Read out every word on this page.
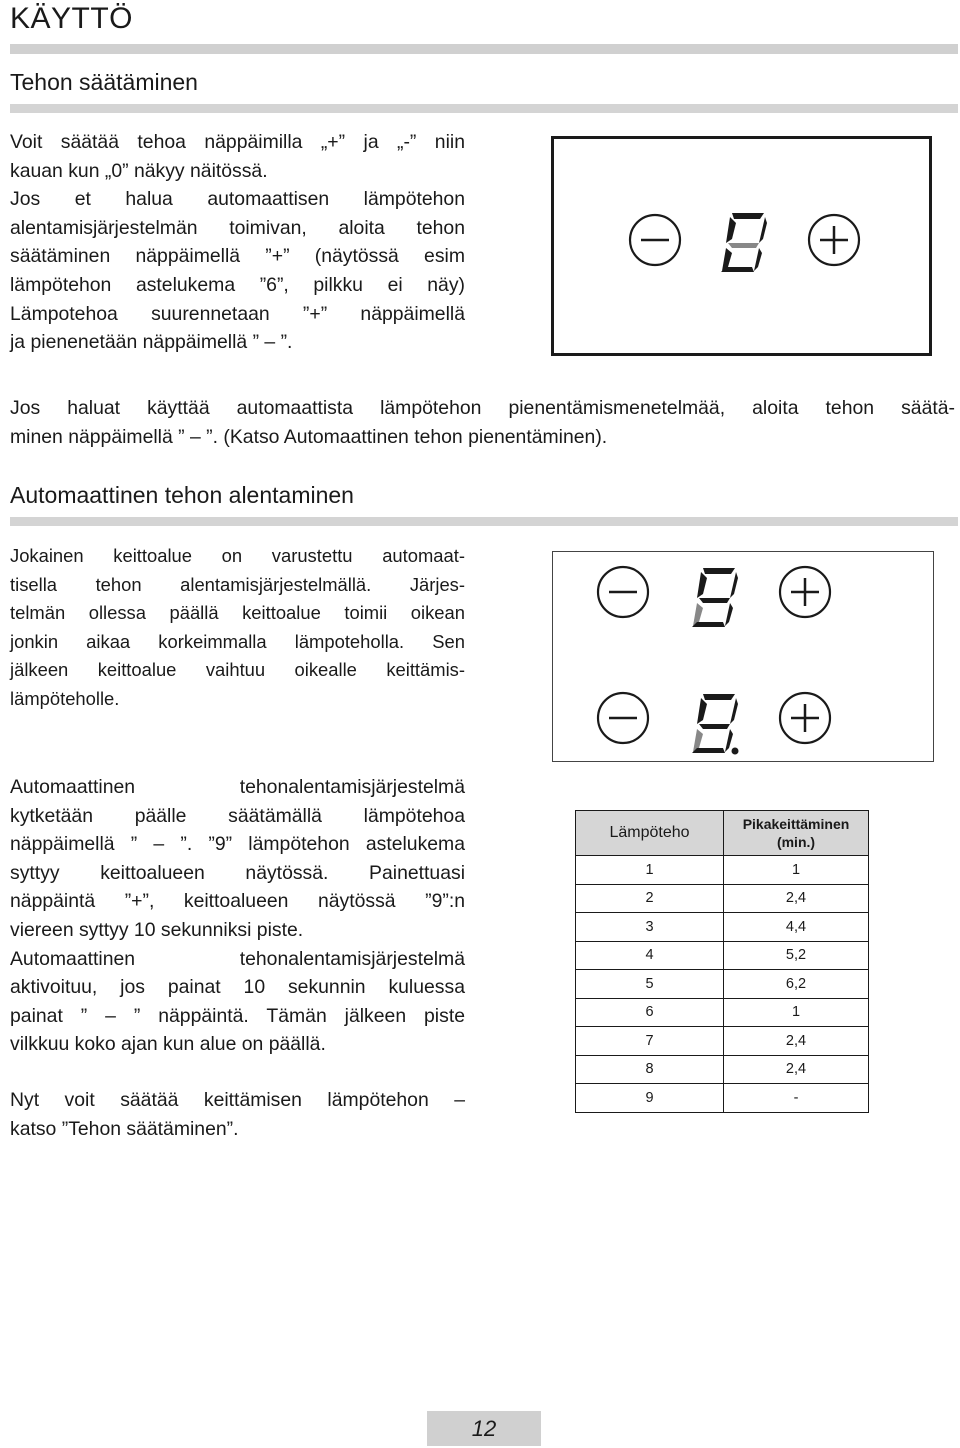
KÄYTTÖ
Tehon säätäminen
Voit säätää tehoa näppäimilla „+” ja „-” niin
kauan kun „0” näkyy näitössä.
Jos et halua automaattisen lämpötehon
alentamisjärjestelmän toimivan, aloita tehon
säätäminen näppäimellä ”+” (näytössä esim
lämpötehon astelukema ”6”, pilkku ei näy)
Lämpotehoa suurennetaan ”+” näppäimellä
ja pienenetään näppäimellä ” – ”.
Jos haluat käyttää automaattista lämpötehon pienentämismenetelmää, aloita tehon säätä-
minen näppäimellä ” – ”. (Katso Automaattinen tehon pienentäminen).
Automaattinen tehon alentaminen
Jokainen keittoalue on varustettu automaat-
tisella tehon alentamisjärjestelmällä. Järjes-
telmän ollessa päällä keittoalue toimii oikean
jonkin aikaa korkeimmalla lämpoteholla. Sen
jälkeen keittoalue vaihtuu oikealle keittämis-
lämpöteholle.
Automaattinen tehonalentamisjärjestelmä
kytketään päälle säätämällä lämpötehoa
näppäimellä ” – ”. ”9” lämpötehon astelukema
syttyy keittoalueen näytössä. Painettuasi
näppäintä ”+”, keittoalueen näytössä ”9”:n
viereen syttyy 10 sekunniksi piste.
Automaattinen tehonalentamisjärjestelmä
aktivoituu, jos painat 10 sekunnin kuluessa
painat ” – ” näppäintä. Tämän jälkeen piste
vilkkuu koko ajan kun alue on päällä.
Nyt voit säätää keittämisen lämpötehon –
katso ”Tehon säätäminen”.
Lämpöteho	Pikakeittäminen
(min.)
1	1
2	2,4
3	4,4
4	5,2
5	6,2
6	1
7	2,4
8	2,4
9	-
12
